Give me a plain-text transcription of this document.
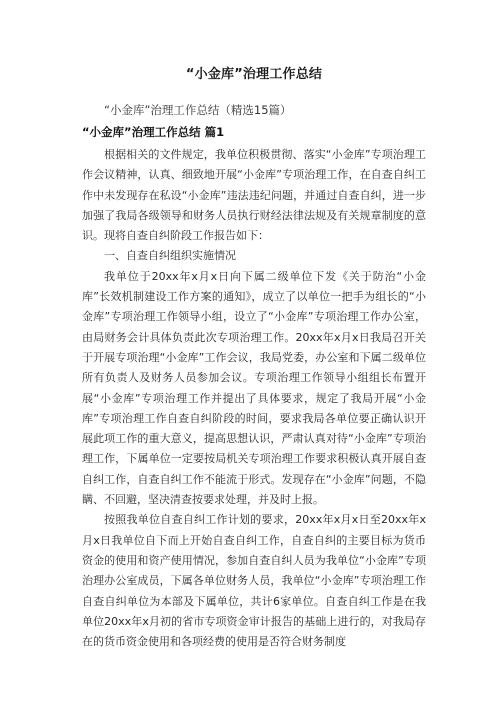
“小金库”治理工作总结
“小金库”治理工作总结（精选15篇）
“小金库”治理工作总结 篇1

根据相关的文件规定，我单位积极贯彻、落实“小金库”专项治理工作会议精神，认真、细致地开展“小金库”专项治理工作，在自查自纠工作中未发现存在私设“小金库”违法违纪问题，并通过自查自纠，进一步加强了我局各级领导和财务人员执行财经法律法规及有关规章制度的意识。现将自查自纠阶段工作报告如下：

一、自查自纠组织实施情况

我单位于20xx年x月x日向下属二级单位下发《关于防治“小金库”长效机制建设工作方案的通知》，成立了以单位一把手为组长的“小金库”专项治理工作领导小组，设立了“小金库”专项治理工作办公室，由局财务会计具体负责此次专项治理工作。20xx年x月x日我局召开关于开展专项治理“小金库”工作会议，我局党委，办公室和下属二级单位所有负责人及财务人员参加会议。专项治理工作领导小组组长布置开展“小金库”专项治理工作并提出了具体要求，规定了我局开展“小金库”专项治理工作自查自纠阶段的时间，要求我局各单位要正确认识开展此项工作的重大意义，提高思想认识，严肃认真对待“小金库”专项治理工作，下属单位一定要按局机关专项治理工作要求积极认真开展自查自纠工作，自查自纠工作不能流于形式。发现存在“小金库”问题，不隐瞒、不回避，坚决清查按要求处理，并及时上报。

按照我单位自查自纠工作计划的要求，20xx年x月x日至20xx年x月x日我单位自下而上开始自查自纠工作，自查自纠的主要目标为货币资金的使用和资产使用情况，参加自查自纠人员为我单位“小金库”专项治理办公室成员，下属各单位财务人员，我单位“小金库”专项治理工作自查自纠单位为本部及下属单位，共计6家单位。自查自纠工作是在我单位20xx年x月初的省市专项资金审计报告的基础上进行的，对我局存在的货币资金使用和各项经费的使用是否符合财务制度
